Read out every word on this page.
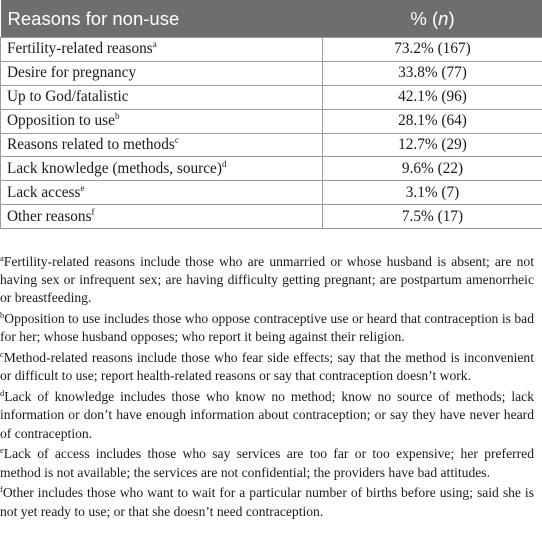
Reasons for non-use	% (n)
Fertility-related reasons$^a$	73.2% (167)
Desire for pregnancy	33.8% (77)
Up to God/fatalistic	42.1% (96)
Opposition to use$^b$	28.1% (64)
Reasons related to methods$^c$	12.7% (29)
Lack knowledge (methods, source)$^d$	9.6% (22)
Lack access$^e$	3.1% (7)
Other reasons$^f$	7.5% (17)

$^a$Fertility-related reasons include those who are unmarried or whose husband is absent; are not having sex or infrequent sex; are having difficulty getting pregnant; are postpartum amenorrheic or breastfeeding.

$^b$Opposition to use includes those who oppose contraceptive use or heard that contraception is bad for her; whose husband opposes; who report it being against their religion.

$^c$Method-related reasons include those who fear side effects; say that the method is inconvenient or difficult to use; report health-related reasons or say that contraception doesn’t work.

$^d$Lack of knowledge includes those who know no method; know no source of methods; lack information or don’t have enough information about contraception; or say they have never heard of contraception.

$^e$Lack of access includes those who say services are too far or too expensive; her preferred method is not available; the services are not confidential; the providers have bad attitudes.

$^f$Other includes those who want to wait for a particular number of births before using; said she is not yet ready to use; or that she doesn’t need contraception.
